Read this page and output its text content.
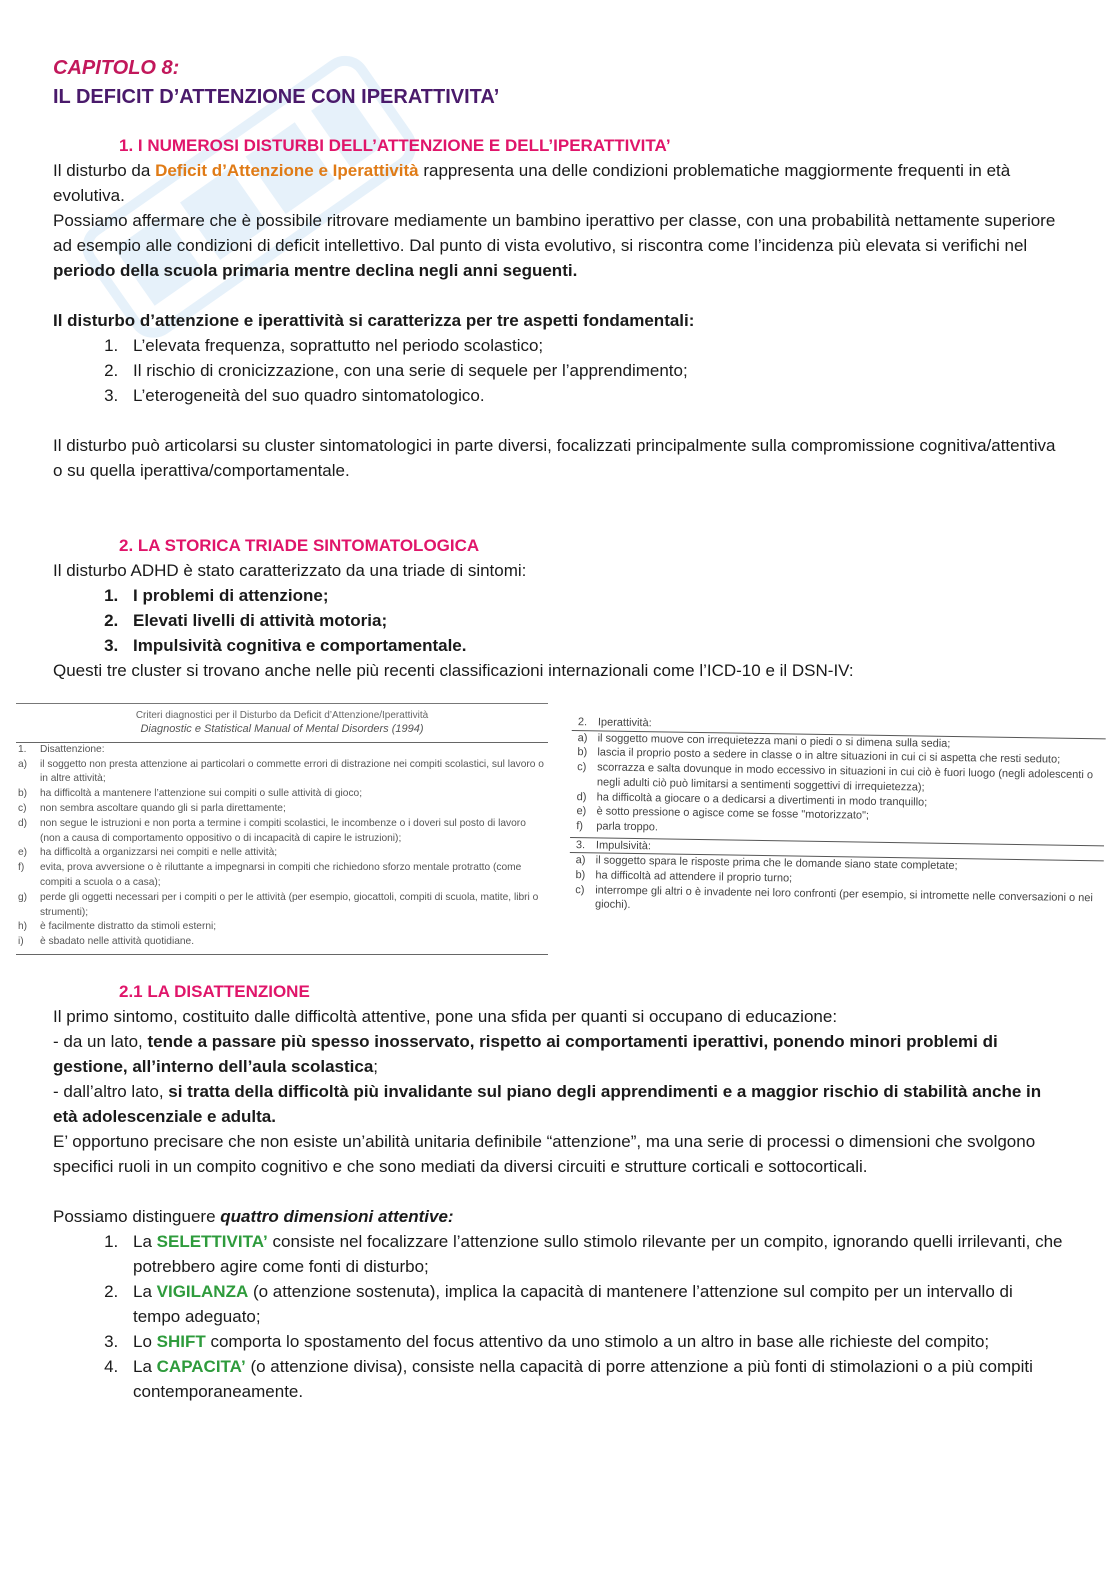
CAPITOLO 8:
IL DEFICIT D’ATTENZIONE CON IPERATTIVITA’
1. I NUMEROSI DISTURBI DELL’ATTENZIONE E DELL’IPERATTIVITA’

Il disturbo da Deficit d’Attenzione e Iperattività rappresenta una delle condizioni problematiche maggiormente frequenti in età evolutiva.

Possiamo affermare che è possibile ritrovare mediamente un bambino iperattivo per classe, con una probabilità nettamente superiore ad esempio alle condizioni di deficit intellettivo. Dal punto di vista evolutivo, si riscontra come l’incidenza più elevata si verifichi nel periodo della scuola primaria mentre declina negli anni seguenti.

Il disturbo d’attenzione e iperattività si caratterizza per tre aspetti fondamentali:

1. L’elevata frequenza, soprattutto nel periodo scolastico;
2. Il rischio di cronicizzazione, con una serie di sequele per l’apprendimento;
3. L’eterogeneità del suo quadro sintomatologico.

Il disturbo può articolarsi su cluster sintomatologici in parte diversi, focalizzati principalmente sulla compromissione cognitiva/attentiva o su quella iperattiva/comportamentale.

2. LA STORICA TRIADE SINTOMATOLOGICA

Il disturbo ADHD è stato caratterizzato da una triade di sintomi:

1. I problemi di attenzione;
2. Elevati livelli di attività motoria;
3. Impulsività cognitiva e comportamentale.

Questi tre cluster si trovano anche nelle più recenti classificazioni internazionali come l’ICD-10 e il DSN-IV:

2.1 LA DISATTENZIONE

Il primo sintomo, costituito dalle difficoltà attentive, pone una sfida per quanti si occupano di educazione:

- da un lato, tende a passare più spesso inosservato, rispetto ai comportamenti iperattivi, ponendo minori problemi di gestione, all’interno dell’aula scolastica;

- dall’altro lato, si tratta della difficoltà più invalidante sul piano degli apprendimenti e a maggior rischio di stabilità anche in età adolescenziale e adulta.

E’ opportuno precisare che non esiste un’abilità unitaria definibile “attenzione”, ma una serie di processi o dimensioni che svolgono specifici ruoli in un compito cognitivo e che sono mediati da diversi circuiti e strutture corticali e sottocorticali.

Possiamo distinguere quattro dimensioni attentive:

1. La SELETTIVITA’ consiste nel focalizzare l’attenzione sullo stimolo rilevante per un compito, ignorando quelli irrilevanti, che potrebbero agire come fonti di disturbo;
2. La VIGILANZA (o attenzione sostenuta), implica la capacità di mantenere l’attenzione sul compito per un intervallo di tempo adeguato;
3. Lo SHIFT comporta lo spostamento del focus attentivo da uno stimolo a un altro in base alle richieste del compito;
4. La CAPACITA’ (o attenzione divisa), consiste nella capacità di porre attenzione a più fonti di stimolazioni o a più compiti contemporaneamente.
Criteri diagnostici per il Disturbo da Deficit d’Attenzione/Iperattività
Diagnostic e Statistical Manual of Mental Disorders (1994)
1.	Disattenzione:
a)	il soggetto non presta attenzione ai particolari o commette errori di distrazione nei compiti scolastici, sul lavoro o in altre attività;
b)	ha difficoltà a mantenere l’attenzione sui compiti o sulle attività di gioco;
c)	non sembra ascoltare quando gli si parla direttamente;
d)	non segue le istruzioni e non porta a termine i compiti scolastici, le incombenze o i doveri sul posto di lavoro (non a causa di comportamento oppositivo o di incapacità di capire le istruzioni);
e)	ha difficoltà a organizzarsi nei compiti e nelle attività;
f)	evita, prova avversione o è riluttante a impegnarsi in compiti che richiedono sforzo mentale protratto (come compiti a scuola o a casa);
g)	perde gli oggetti necessari per i compiti o per le attività (per esempio, giocattoli, compiti di scuola, matite, libri o strumenti);
h)	è facilmente distratto da stimoli esterni;
i)	è sbadato nelle attività quotidiane.
2. Iperattività:
a) il soggetto muove con irrequietezza mani o piedi o si dimena sulla sedia;
b) lascia il proprio posto a sedere in classe o in altre situazioni in cui ci si aspetta che resti seduto;
c) scorrazza e salta dovunque in modo eccessivo in situazioni in cui ciò è fuori luogo (negli adolescenti o negli adulti ciò può limitarsi a sentimenti soggettivi di irrequietezza);
d) ha difficoltà a giocare o a dedicarsi a divertimenti in modo tranquillo;
e) è sotto pressione o agisce come se fosse "motorizzato";
f)	parla troppo.
3. Impulsività:
a) il soggetto spara le risposte prima che le domande siano state completate;
b) ha difficoltà ad attendere il proprio turno;
c) interrompe gli altri o è invadente nei loro confronti (per esempio, si intromette nelle conversazioni o nei giochi).
